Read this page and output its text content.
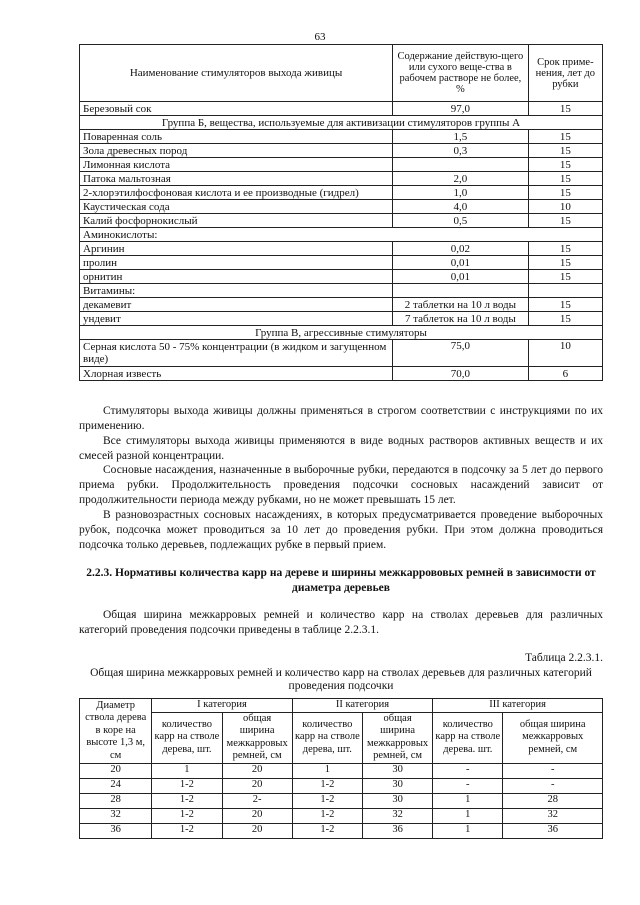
63
Наименование стимуляторов выхода живицы	Содержание действую-щего или сухого веще-ства в рабочем растворе не более, %	Срок приме-нения, лет до рубки
Березовый сок	97,0	15
Группа Б, вещества, используемые для активизации стимуляторов группы А		
Поваренная соль	1,5	15
Зола древесных пород	0,3	15
Лимонная кислота		15
Патока мальтозная	2,0	15
2-хлорэтилфосфоновая кислота и ее производные (гидрел)	1,0	15
Каустическая сода	4,0	10
Калий фосфорнокислый	0,5	15
Аминокислоты:		
Аргинин	0,02	15
пролин	0,01	15
орнитин	0,01	15
Витамины:		
декамевит	2 таблетки на 10 л воды	15
ундевит	7 таблеток на 10 л воды	15
Группа В, агрессивные стимуляторы		
Серная кислота 50 - 75% концентрации (в жидком и загущенном виде)	75,0	10
Хлорная известь	70,0	6
Стимуляторы выхода живицы должны применяться в строгом соответствии с инструкциями по их применению.
Все стимуляторы выхода живицы применяются в виде водных растворов активных веществ и их смесей разной концентрации.
Сосновые насаждения, назначенные в выборочные рубки, передаются в подсочку за 5 лет до первого приема рубки. Продолжительность проведения подсочки сосновых насаждений зависит от продолжительности периода между рубками, но не может превышать 15 лет.
В разновозрастных сосновых насаждениях, в которых предусматривается проведение выборочных рубок, подсочка может проводиться за 10 лет до проведения рубки. При этом должна проводиться подсочка только деревьев, подлежащих рубке в первый прием.
2.2.3. Нормативы количества карр на дереве и ширины межкаррововых ремней в зависимости от диаметра деревьев
Общая ширина межкарровых ремней и количество карр на стволах деревьев для различных категорий проведения подсочки приведены в таблице 2.2.3.1.
Таблица 2.2.3.1.
Общая ширина межкарровых ремней и количество карр на стволах деревьев для различных категорий проведения подсочки
Диаметр ствола дерева в коре на высоте 1,3 м, см	I категория		II категория		III категория	
	количество карр на стволе дерева, шт.	общая ширина межкарровых ремней, см	количество карр на стволе дерева, шт.	общая ширина межкарровых ремней, см	количество карр на стволе дерева. шт.	общая ширина межкарровых ремней, см
20	1	20	1	30	-	-
24	1-2	20	1-2	30	-	-
28	1-2	2-	1-2	30	1	28
32	1-2	20	1-2	32	1	32
36	1-2	20	1-2	36	1	36
